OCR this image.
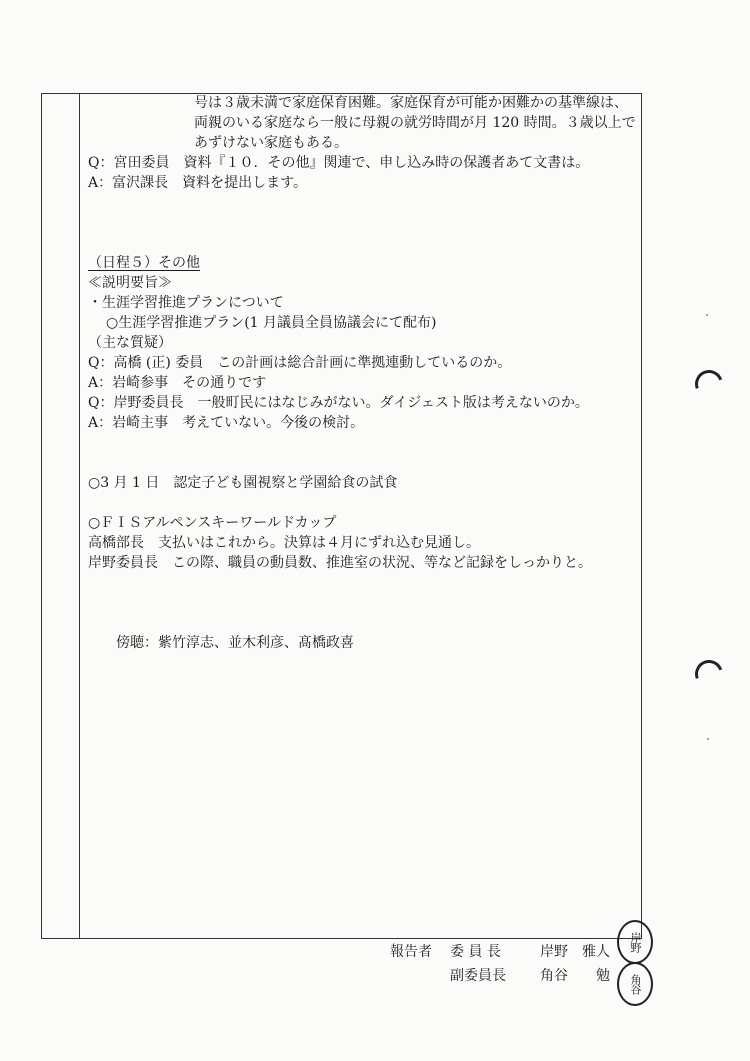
号は３歳未満で家庭保育困難。家庭保育が可能か困難かの基準線は、
両親のいる家庭なら一般に母親の就労時間が月 120 時間。３歳以上で
あずけない家庭もある。
Q：宮田委員　資料『１０．その他』関連で、申し込み時の保護者あて文書は。
A：富沢課長　資料を提出します。
（日程５）その他
≪説明要旨≫
・生涯学習推進プランについて
○生涯学習推進プラン(1 月議員全員協議会にて配布)
（主な質疑）
Q：高橋 (正) 委員　この計画は総合計画に準拠連動しているのか。
A：岩崎参事　その通りです
Q：岸野委員長　一般町民にはなじみがない。ダイジェスト版は考えないのか。
A：岩崎主事　考えていない。今後の検討。
○3 月 1 日　認定子ども園視察と学園給食の試食
○ＦＩＳアルペンスキーワールドカップ
高橋部長　支払いはこれから。決算は４月にずれ込む見通し。
岸野委員長　この際、職員の動員数、推進室の状況、等など記録をしっかりと。
傍聴：紫竹淳志、並木利彦、髙橋政喜
報告者 委 員 長	岸野　雅人
副委員長 角谷　　勉
岸野
角谷
